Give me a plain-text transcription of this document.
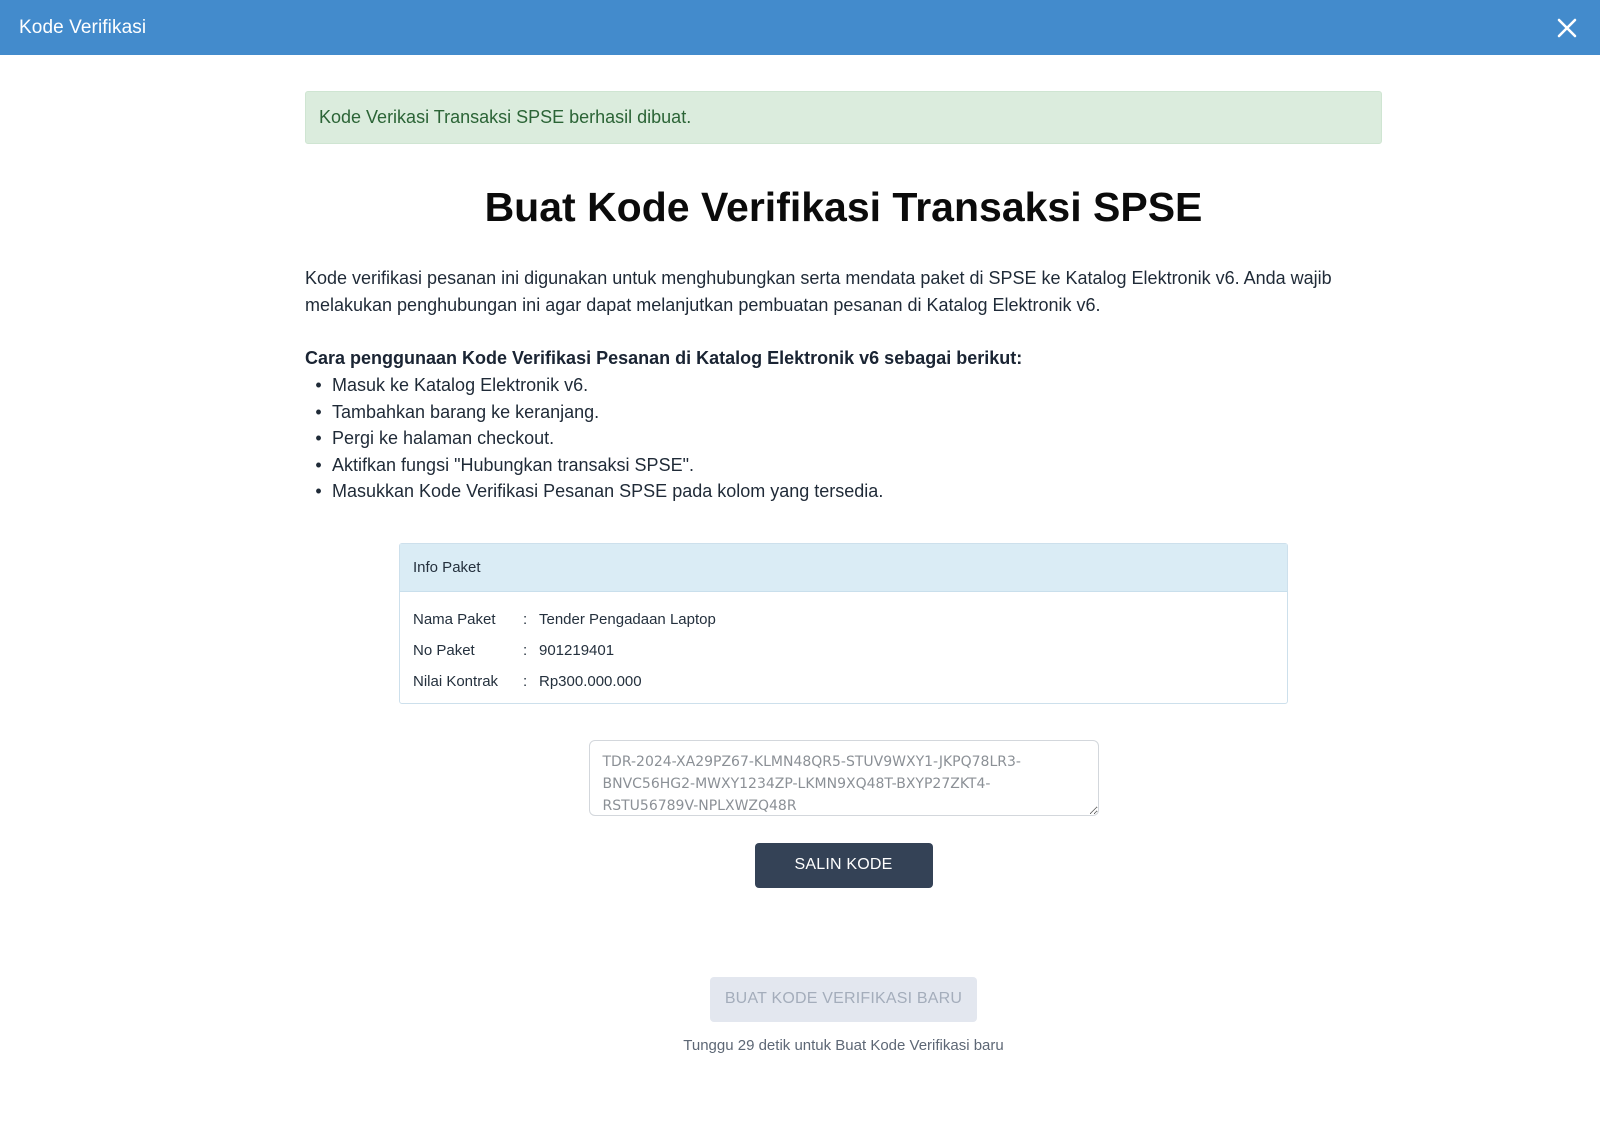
Kode Verifikasi
Kode Verikasi Transaksi SPSE berhasil dibuat.
Buat Kode Verifikasi Transaksi SPSE

Kode verifikasi pesanan ini digunakan untuk menghubungkan serta mendata paket di SPSE ke Katalog Elektronik v6. Anda wajib melakukan penghubungan ini agar dapat melanjutkan pembuatan pesanan di Katalog Elektronik v6.

Cara penggunaan Kode Verifikasi Pesanan di Katalog Elektronik v6 sebagai berikut:

• Masuk ke Katalog Elektronik v6.
• Tambahkan barang ke keranjang.
• Pergi ke halaman checkout.
• Aktifkan fungsi "Hubungkan transaksi SPSE".
• Masukkan Kode Verifikasi Pesanan SPSE pada kolom yang tersedia.
Info Paket
Nama Paket	: Tender Pengadaan Laptop
No Paket	: 901219401
Nilai Kontrak	: Rp300.000.000
TDR-2024-XA29PZ67-KLMN48QR5-STUV9WXY1-JKPQ78LR3-BNVC56HG2-MWXY1234ZP-LKMN9XQ48T-BXYP27ZKT4-RSTU56789V-NPLXWZQ48R
SALIN KODE
BUAT KODE VERIFIKASI BARU

Tunggu 29 detik untuk Buat Kode Verifikasi baru
